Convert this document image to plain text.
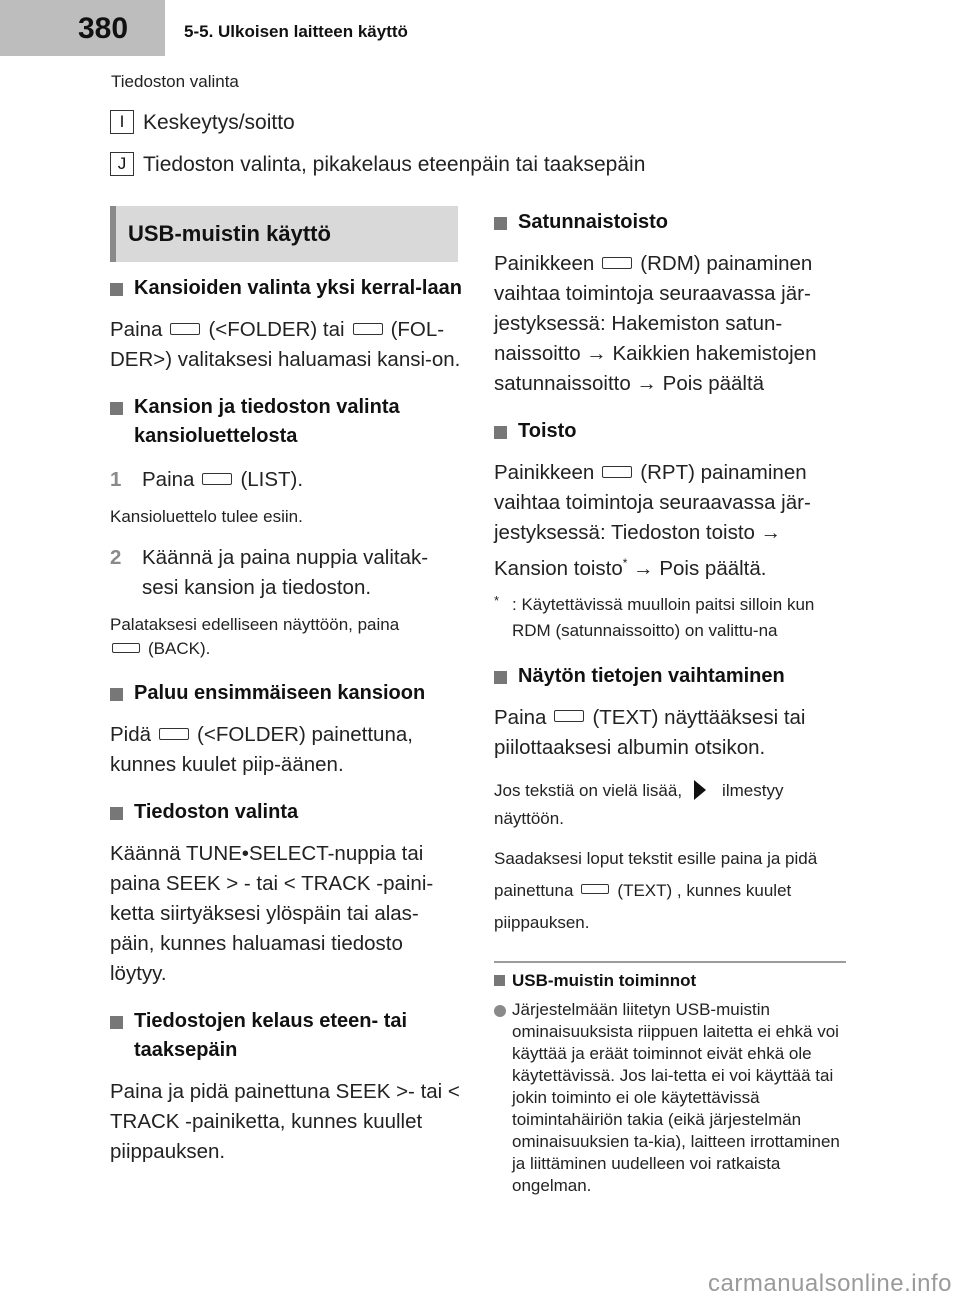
380	5-5. Ulkoisen laitteen käyttö
Tiedoston valinta
I Keskeytys/soitto
J Tiedoston valinta, pikakelaus eteenpäin tai taaksepäin
USB-muistin käyttö
Kansioiden valinta yksi kerral-laan
Paina (<FOLDER) tai (FOL-DER>) valitaksesi haluamasi kansi-on.
Kansion ja tiedoston valinta kansioluettelosta
1 Paina (LIST).
Kansioluettelo tulee esiin.
2 Käännä ja paina nuppia valitak-sesi kansion ja tiedoston.
Palataksesi edelliseen näyttöön, paina
(BACK).
Paluu ensimmäiseen kansioon
Pidä (<FOLDER) painettuna, kunnes kuulet piip-äänen.
Tiedoston valinta
Käännä TUNE•SELECT-nuppia tai paina SEEK > - tai < TRACK -paini-ketta siirtyäksesi ylöspäin tai alas-päin, kunnes haluamasi tiedosto löytyy.
Tiedostojen kelaus eteen- tai taaksepäin
Paina ja pidä painettuna SEEK >- tai < TRACK -painiketta, kunnes kuullet piippauksen.
Satunnaistoisto
Painikkeen (RDM) painaminen vaihtaa toimintoja seuraavassa jär-jestyksessä: Hakemiston satun-naissoitto → Kaikkien hakemistojen satunnaissoitto → Pois päältä
Toisto
Painikkeen (RPT) painaminen vaihtaa toimintoja seuraavassa jär-jestyksessä: Tiedoston toisto → Kansion toisto* → Pois päältä.
* : Käytettävissä muulloin paitsi silloin kun RDM (satunnaissoitto) on valittu-na
Näytön tietojen vaihtaminen
Paina (TEXT) näyttääksesi tai piilottaaksesi albumin otsikon.
Jos tekstiä on vielä lisää, ilmestyy näyttöön.
Saadaksesi loput tekstit esille paina ja pidä painettuna	(TEXT) , kunnes kuulet piippauksen.
USB-muistin toiminnot
Järjestelmään liitetyn USB-muistin ominaisuuksista riippuen laitetta ei ehkä voi käyttää ja eräät toiminnot eivät ehkä ole käytettävissä. Jos lai-tetta ei voi käyttää tai jokin toiminto ei ole käytettävissä toimintahäiriön takia (eikä järjestelmän ominaisuuksien ta-kia), laitteen irrottaminen ja liittäminen uudelleen voi ratkaista ongelman.
carmanualsonline.info
